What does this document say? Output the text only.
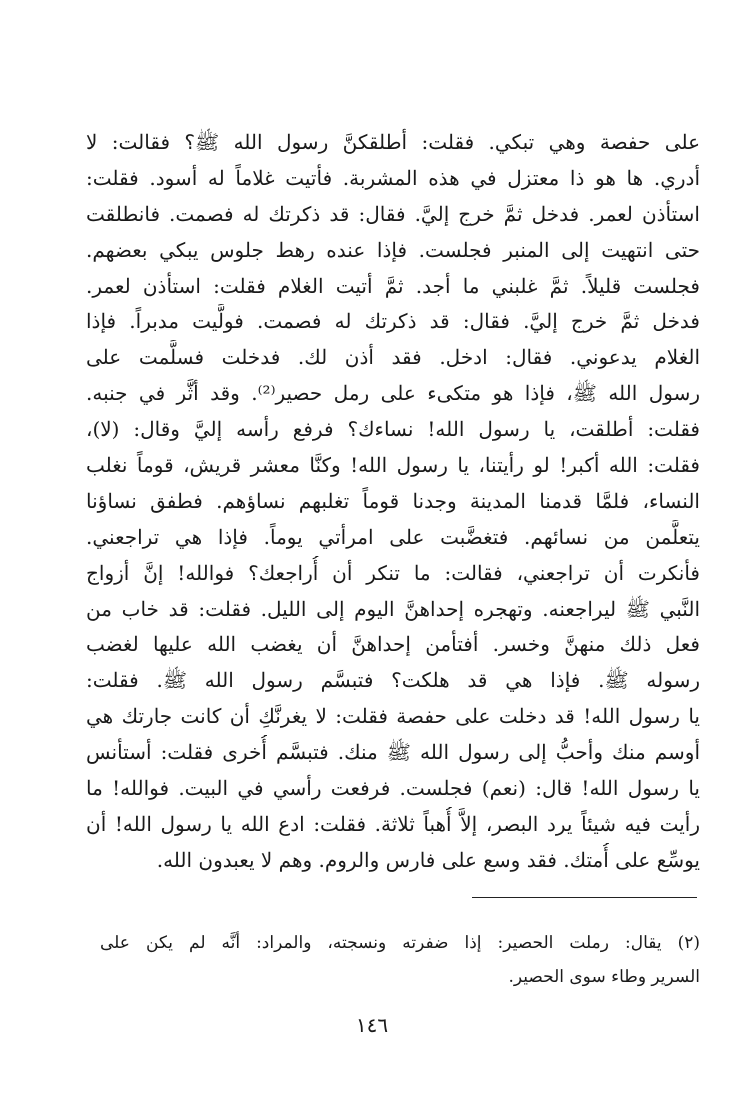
على حفصة وهي تبكي. فقلت: أطلقكنَّ رسول الله ﷺ؟ فقالت: لا
أدري. ها هو ذا معتزل في هذه المشربة. فأتيت غلاماً له أسود. فقلت:
استأذن لعمر. فدخل ثمَّ خرج إليَّ. فقال: قد ذكرتك له فصمت. فانطلقت
حتى انتهيت إلى المنبر فجلست. فإذا عنده رهط جلوس يبكي بعضهم.
فجلست قليلاً. ثمَّ غلبني ما أجد. ثمَّ أتيت الغلام فقلت: استأذن لعمر.
فدخل ثمَّ خرج إليَّ. فقال: قد ذكرتك له فصمت. فولَّيت مدبراً. فإذا
الغلام يدعوني. فقال: ادخل. فقد أذن لك. فدخلت فسلَّمت على
رسول الله ﷺ، فإذا هو متكىء على رمل حصير⁽²⁾. وقد أثَّر في جنبه.
فقلت: أطلقت، يا رسول الله! نساءك؟ فرفع رأسه إليَّ وقال: (لا)،
فقلت: الله أكبر! لو رأيتنا، يا رسول الله! وكنَّا معشر قريش، قوماً نغلب
النساء، فلمَّا قدمنا المدينة وجدنا قوماً تغلبهم نساؤهم. فطفق نساؤنا
يتعلَّمن من نسائهم. فتغضَّبت على امرأتي يوماً. فإذا هي تراجعني.
فأنكرت أن تراجعني، فقالت: ما تنكر أن أُراجعك؟ فوالله! إنَّ أزواج
النَّبي ﷺ ليراجعنه. وتهجره إحداهنَّ اليوم إلى الليل. فقلت: قد خاب من
فعل ذلك منهنَّ وخسر. أفتأمن إحداهنَّ أن يغضب الله عليها لغضب
رسوله ﷺ. فإذا هي قد هلكت؟ فتبسَّم رسول الله ﷺ. فقلت:
يا رسول الله! قد دخلت على حفصة فقلت: لا يغرنَّكِ أن كانت جارتك هي
أوسم منك وأحبُّ إلى رسول الله ﷺ منك. فتبسَّم أُخرى فقلت: أستأنس
يا رسول الله! قال: (نعم) فجلست. فرفعت رأسي في البيت. فوالله! ما
رأيت فيه شيئاً يرد البصر، إلاَّ أُهباً ثلاثة. فقلت: ادع الله يا رسول الله! أن
يوسِّع على أُمتك. فقد وسع على فارس والروم. وهم لا يعبدون الله.
(٢) يقال: رملت الحصير: إذا ضفرته ونسجته، والمراد: أنَّه لم يكن على
السرير وطاء سوى الحصير.
١٤٦
